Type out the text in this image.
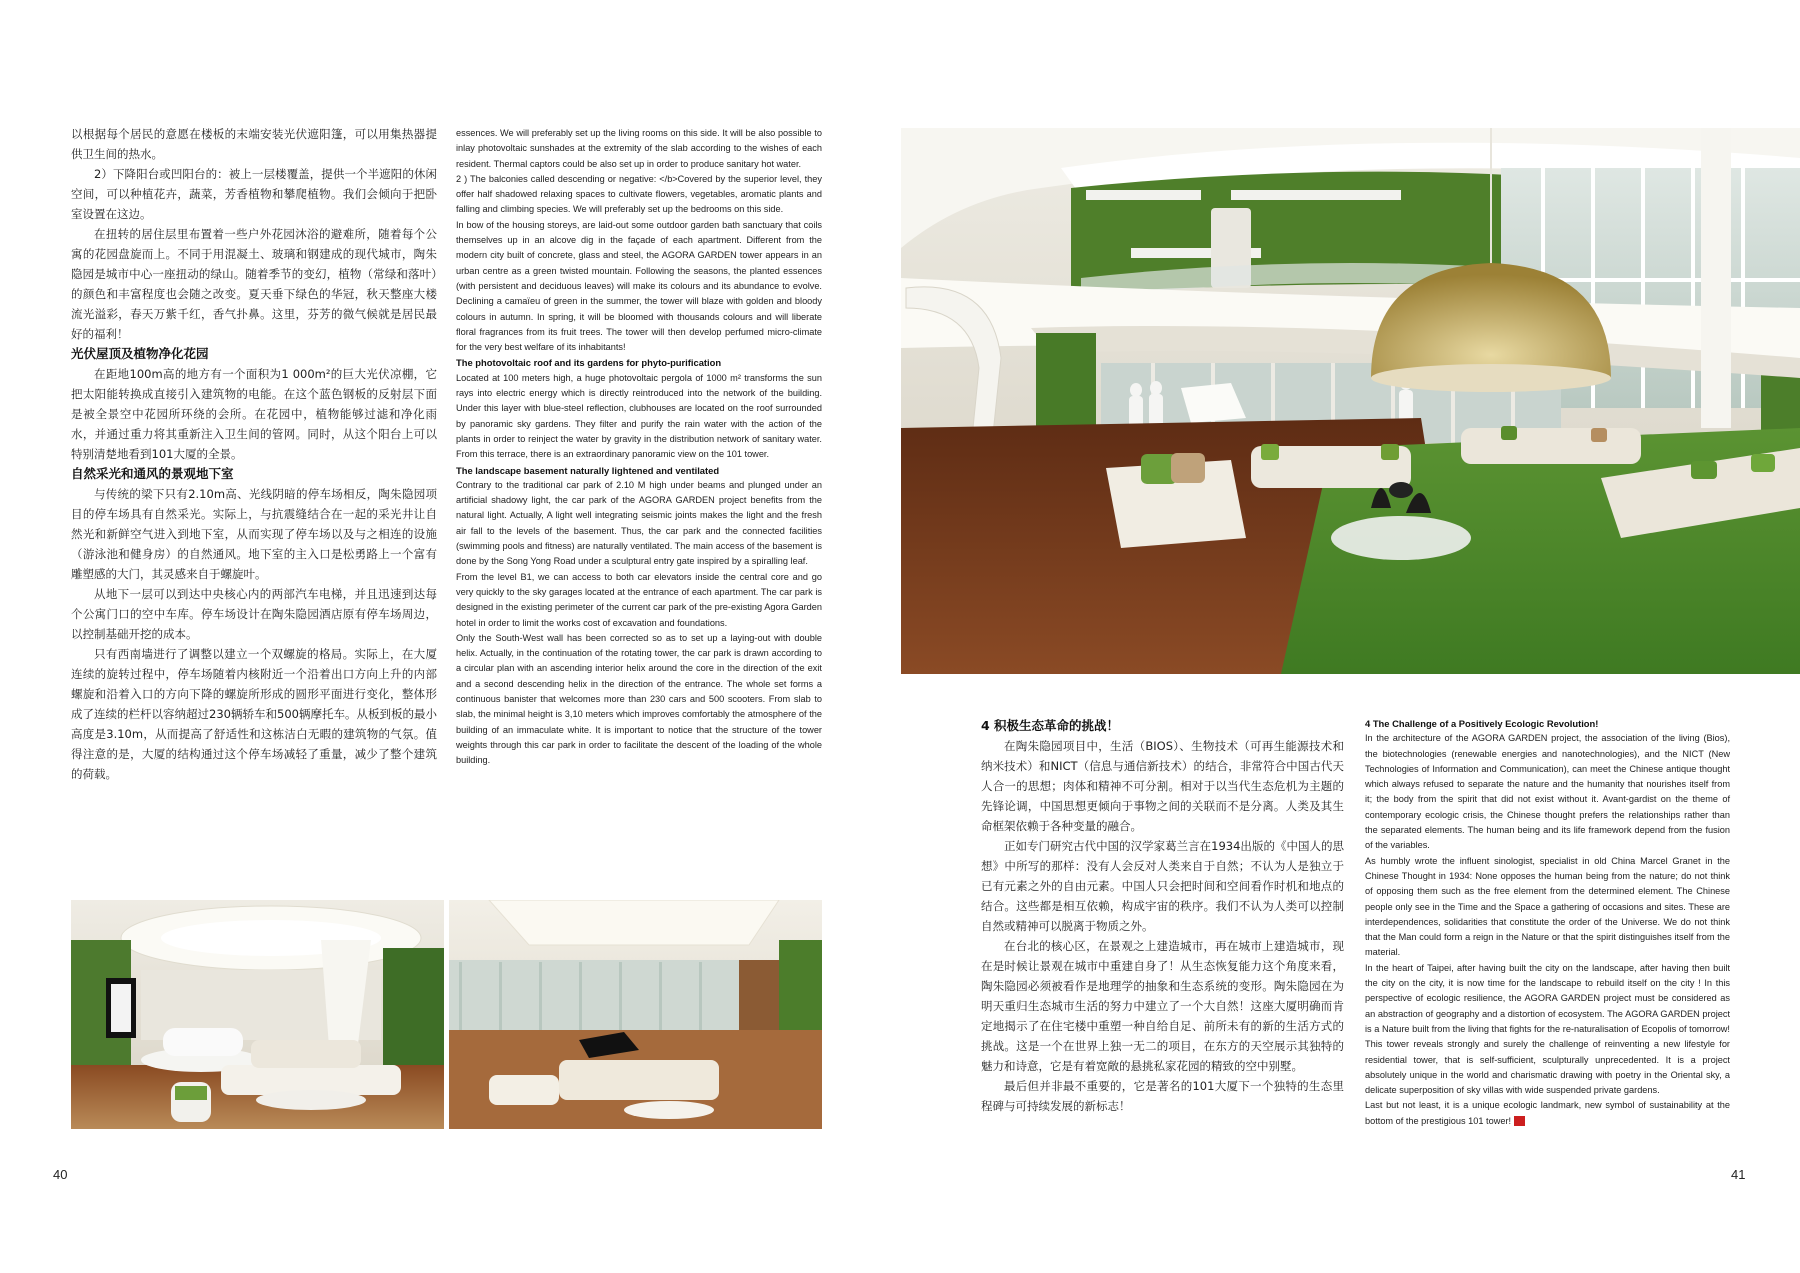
以根据每个居民的意愿在楼板的末端安装光伏遮阳篷，可以用集热器提供卫生间的热水。

2）下降阳台或凹阳台的：被上一层楼覆盖，提供一个半遮阳的休闲空间，可以种植花卉，蔬菜，芳香植物和攀爬植物。我们会倾向于把卧室设置在这边。

在扭转的居住层里布置着一些户外花园沐浴的避难所，随着每个公寓的花园盘旋而上。不同于用混凝土、玻璃和钢建成的现代城市，陶朱隐园是城市中心一座扭动的绿山。随着季节的变幻，植物（常绿和落叶）的颜色和丰富程度也会随之改变。夏天垂下绿色的华冠，秋天整座大楼流光溢彩，春天万紫千红，香气扑鼻。这里，芬芳的微气候就是居民最好的福利！

光伏屋顶及植物净化花园

在距地100m高的地方有一个面积为1 000m²的巨大光伏凉棚，它把太阳能转换成直接引入建筑物的电能。在这个蓝色钢板的反射层下面是被全景空中花园所环绕的会所。在花园中，植物能够过滤和净化雨水，并通过重力将其重新注入卫生间的管网。同时，从这个阳台上可以特别清楚地看到101大厦的全景。

自然采光和通风的景观地下室

与传统的梁下只有2.10m高、光线阴暗的停车场相反，陶朱隐园项目的停车场具有自然采光。实际上，与抗震缝结合在一起的采光井让自然光和新鲜空气进入到地下室，从而实现了停车场以及与之相连的设施（游泳池和健身房）的自然通风。地下室的主入口是松勇路上一个富有雕塑感的大门，其灵感来自于螺旋叶。

从地下一层可以到达中央核心内的两部汽车电梯，并且迅速到达每个公寓门口的空中车库。停车场设计在陶朱隐园酒店原有停车场周边，以控制基础开挖的成本。

只有西南墙进行了调整以建立一个双螺旋的格局。实际上，在大厦连续的旋转过程中，停车场随着内核附近一个沿着出口方向上升的内部螺旋和沿着入口的方向下降的螺旋所形成的圆形平面进行变化，整体形成了连续的栏杆以容纳超过230辆轿车和500辆摩托车。从板到板的最小高度是3.10m，从而提高了舒适性和这栋洁白无暇的建筑物的气氛。值得注意的是，大厦的结构通过这个停车场减轻了重量，减少了整个建筑的荷载。

essences. We will preferably set up the living rooms on this side. It will be also possible to inlay photovoltaic sunshades at the extremity of the slab according to the wishes of each resident. Thermal captors could be also set up in order to produce sanitary hot water.

2 ) The balconies called descending or negative: </b>Covered by the superior level, they offer half shadowed relaxing spaces to cultivate flowers, vegetables, aromatic plants and falling and climbing species. We will preferably set up the bedrooms on this side.

In bow of the housing storeys, are laid-out some outdoor garden bath sanctuary that coils themselves up in an alcove dig in the façade of each apartment. Different from the modern city built of concrete, glass and steel, the AGORA GARDEN tower appears in an urban centre as a green twisted mountain. Following the seasons, the planted essences (with persistent and deciduous leaves) will make its colours and its abundance to evolve. Declining a camaïeu of green in the summer, the tower will blaze with golden and bloody colours in autumn. In spring, it will be bloomed with thousands colours and will liberate floral fragrances from its fruit trees. The tower will then develop perfumed micro-climate for the very best welfare of its inhabitants!

The photovoltaic roof and its gardens for phyto-purification

Located at 100 meters high, a huge photovoltaic pergola of 1000 m² transforms the sun rays into electric energy which is directly reintroduced into the network of the building. Under this layer with blue-steel reflection, clubhouses are located on the roof surrounded by panoramic sky gardens. They filter and purify the rain water with the action of the plants in order to reinject the water by gravity in the distribution network of sanitary water. From this terrace, there is an extraordinary panoramic view on the 101 tower.

The landscape basement naturally lightened and ventilated

Contrary to the traditional car park of 2.10 M high under beams and plunged under an artificial shadowy light, the car park of the AGORA GARDEN project benefits from the natural light. Actually, A light well integrating seismic joints makes the light and the fresh air fall to the levels of the basement. Thus, the car park and the connected facilities (swimming pools and fitness) are naturally ventilated. The main access of the basement is done by the Song Yong Road under a sculptural entry gate inspired by a spiralling leaf.

From the level B1, we can access to both car elevators inside the central core and go very quickly to the sky garages located at the entrance of each apartment. The car park is designed in the existing perimeter of the current car park of the pre-existing Agora Garden hotel in order to limit the works cost of excavation and foundations.

Only the South-West wall has been corrected so as to set up a laying-out with double helix. Actually, in the continuation of the rotating tower, the car park is drawn according to a circular plan with an ascending interior helix around the core in the direction of the exit and a second descending helix in the direction of the entrance. The whole set forms a continuous banister that welcomes more than 230 cars and 500 scooters. From slab to slab, the minimal height is 3,10 meters which improves comfortably the atmosphere of the building of an immaculate white. It is important to notice that the structure of the tower weights through this car park in order to facilitate the descent of the loading of the whole building.

40
4 积极生态革命的挑战！

在陶朱隐园项目中，生活（BIOS）、生物技术（可再生能源技术和纳米技术）和NICT（信息与通信新技术）的结合，非常符合中国古代天人合一的思想；肉体和精神不可分割。相对于以当代生态危机为主题的先锋论调，中国思想更倾向于事物之间的关联而不是分离。人类及其生命框架依赖于各种变量的融合。

正如专门研究古代中国的汉学家葛兰言在1934出版的《中国人的思想》中所写的那样：没有人会反对人类来自于自然；不认为人是独立于已有元素之外的自由元素。中国人只会把时间和空间看作时机和地点的结合。这些都是相互依赖，构成宇宙的秩序。我们不认为人类可以控制自然或精神可以脱离于物质之外。

在台北的核心区，在景观之上建造城市，再在城市上建造城市，现在是时候让景观在城市中重建自身了！从生态恢复能力这个角度来看，陶朱隐园必须被看作是地理学的抽象和生态系统的变形。陶朱隐园在为明天重归生态城市生活的努力中建立了一个大自然！这座大厦明确而肯定地揭示了在住宅楼中重塑一种自给自足、前所未有的新的生活方式的挑战。这是一个在世界上独一无二的项目，在东方的天空展示其独特的魅力和诗意，它是有着宽敞的悬挑私家花园的精致的空中别墅。

最后但并非最不重要的，它是著名的101大厦下一个独特的生态里程碑与可持续发展的新标志！

4 The Challenge of a Positively Ecologic Revolution!

In the architecture of the AGORA GARDEN project, the association of the living (Bios), the biotechnologies (renewable energies and nanotechnologies), and the NICT (New Technologies of Information and Communication), can meet the Chinese antique thought which always refused to separate the nature and the humanity that nourishes itself from it; the body from the spirit that did not exist without it. Avant-gardist on the theme of contemporary ecologic crisis, the Chinese thought prefers the relationships rather than the separated elements. The human being and its life framework depend from the fusion of the variables.

As humbly wrote the influent sinologist, specialist in old China Marcel Granet in the Chinese Thought in 1934: None opposes the human being from the nature; do not think of opposing them such as the free element from the determined element. The Chinese people only see in the Time and the Space a gathering of occasions and sites. These are interdependences, solidarities that constitute the order of the Universe. We do not think that the Man could form a reign in the Nature or that the spirit distinguishes itself from the material.

In the heart of Taipei, after having built the city on the landscape, after having then built the city on the city, it is now time for the landscape to rebuild itself on the city ! In this perspective of ecologic resilience, the AGORA GARDEN project must be considered as an abstraction of geography and a distortion of ecosystem. The AGORA GARDEN project is a Nature built from the living that fights for the re-naturalisation of Ecopolis of tomorrow! This tower reveals strongly and surely the challenge of reinventing a new lifestyle for residential tower, that is self-sufficient, sculpturally unprecedented. It is a project absolutely unique in the world and charismatic drawing with poetry in the Oriental sky, a delicate superposition of sky villas with wide suspended private gardens.

Last but not least, it is a unique ecologic landmark, new symbol of sustainability at the bottom of the prestigious 101 tower!

41
